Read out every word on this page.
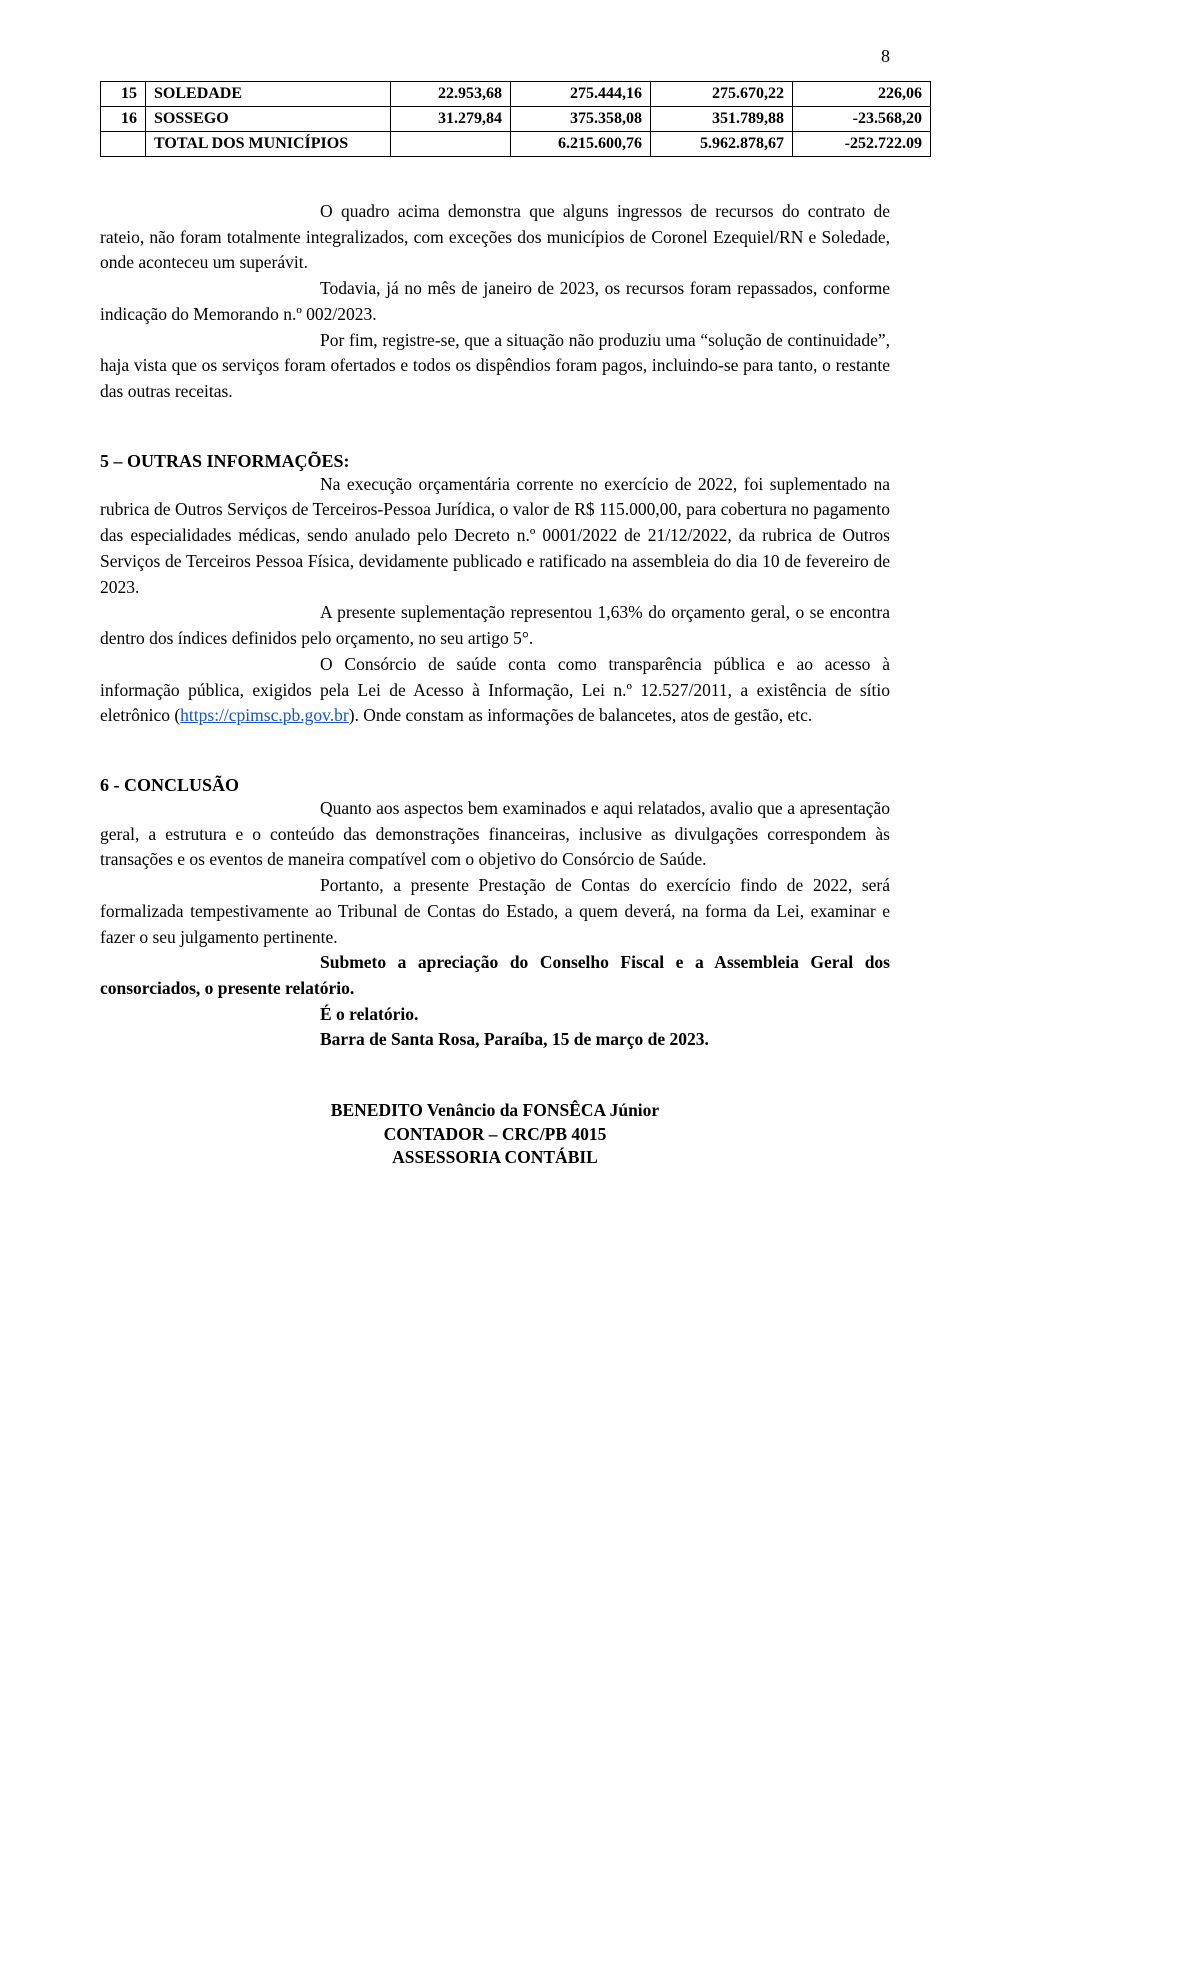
8
15	SOLEDADE	22.953,68	275.444,16	275.670,22	226,06
16	SOSSEGO	31.279,84	375.358,08	351.789,88	-23.568,20
	TOTAL DOS MUNICÍPIOS		6.215.600,76	5.962.878,67	-252.722.09

O quadro acima demonstra que alguns ingressos de recursos do contrato de rateio, não foram totalmente integralizados, com exceções dos municípios de Coronel Ezequiel/RN e Soledade, onde aconteceu um superávit.

Todavia, já no mês de janeiro de 2023, os recursos foram repassados, conforme indicação do Memorando n.º 002/2023.

Por fim, registre-se, que a situação não produziu uma “solução de continuidade”, haja vista que os serviços foram ofertados e todos os dispêndios foram pagos, incluindo-se para tanto, o restante das outras receitas.

5 – OUTRAS INFORMAÇÕES:

Na execução orçamentária corrente no exercício de 2022, foi suplementado na rubrica de Outros Serviços de Terceiros-Pessoa Jurídica, o valor de R$ 115.000,00, para cobertura no pagamento das especialidades médicas, sendo anulado pelo Decreto n.º 0001/2022 de 21/12/2022, da rubrica de Outros Serviços de Terceiros Pessoa Física, devidamente publicado e ratificado na assembleia do dia 10 de fevereiro de 2023.

A presente suplementação representou 1,63% do orçamento geral, o se encontra dentro dos índices definidos pelo orçamento, no seu artigo 5°.

O Consórcio de saúde conta como transparência pública e ao acesso à informação pública, exigidos pela Lei de Acesso à Informação, Lei n.º 12.527/2011, a existência de sítio eletrônico (https://cpimsc.pb.gov.br). Onde constam as informações de balancetes, atos de gestão, etc.

6 - CONCLUSÃO

Quanto aos aspectos bem examinados e aqui relatados, avalio que a apresentação geral, a estrutura e o conteúdo das demonstrações financeiras, inclusive as divulgações correspondem às transações e os eventos de maneira compatível com o objetivo do Consórcio de Saúde.

Portanto, a presente Prestação de Contas do exercício findo de 2022, será formalizada tempestivamente ao Tribunal de Contas do Estado, a quem deverá, na forma da Lei, examinar e fazer o seu julgamento pertinente.

Submeto a apreciação do Conselho Fiscal e a Assembleia Geral dos consorciados, o presente relatório.

É o relatório.

Barra de Santa Rosa, Paraíba, 15 de março de 2023.

BENEDITO Venâncio da FONSÊCA Júnior
CONTADOR – CRC/PB 4015
ASSESSORIA CONTÁBIL
